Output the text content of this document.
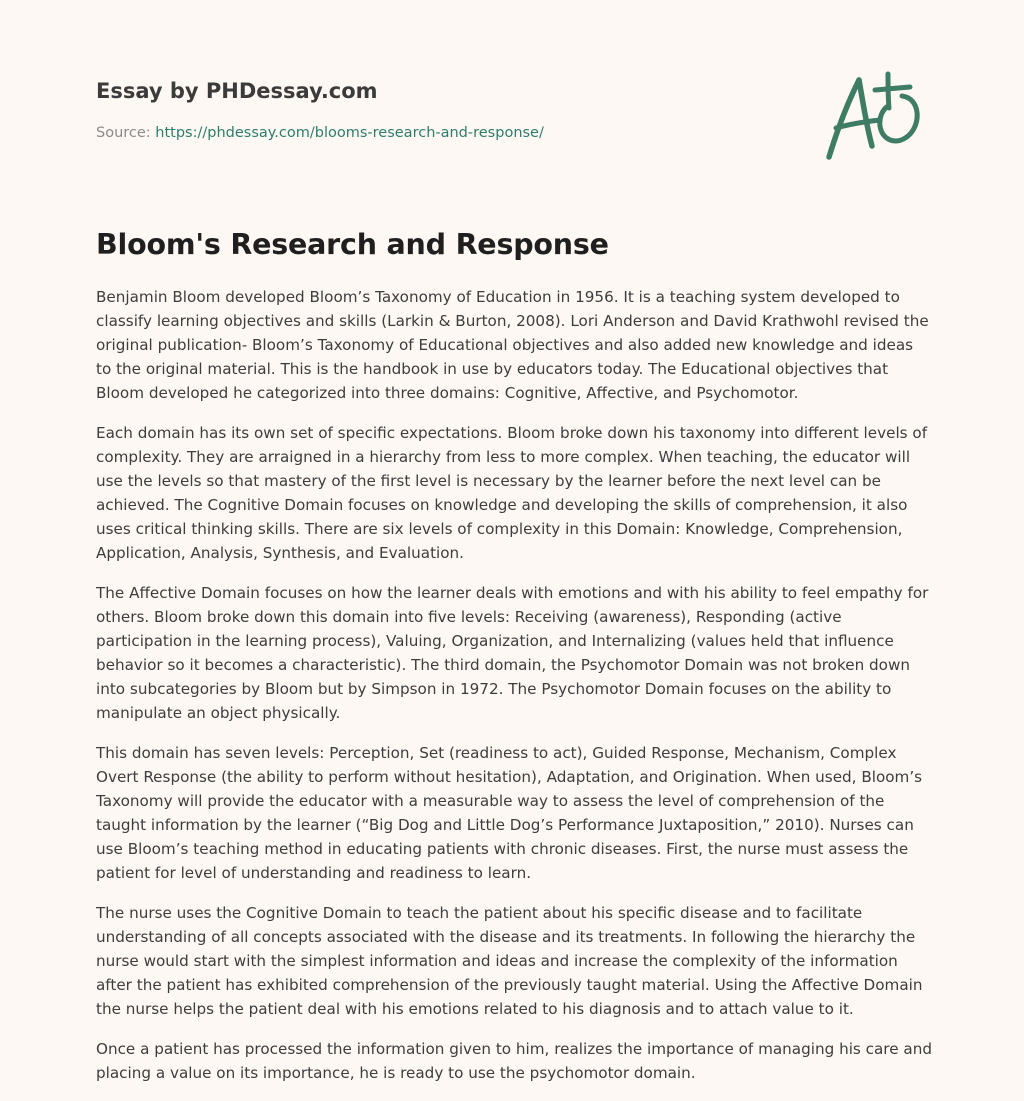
Essay by PHDessay.com
Source: https://phdessay.com/blooms-research-and-response/
Bloom's Research and Response

Benjamin Bloom developed Bloom’s Taxonomy of Education in 1956. It is a teaching system developed to classify learning objectives and skills (Larkin & Burton, 2008). Lori Anderson and David Krathwohl revised the original publication- Bloom’s Taxonomy of Educational objectives and also added new knowledge and ideas to the original material. This is the handbook in use by educators today. The Educational objectives that Bloom developed he categorized into three domains: Cognitive, Affective, and Psychomotor.

Each domain has its own set of specific expectations. Bloom broke down his taxonomy into different levels of complexity. They are arraigned in a hierarchy from less to more complex. When teaching, the educator will use the levels so that mastery of the first level is necessary by the learner before the next level can be achieved. The Cognitive Domain focuses on knowledge and developing the skills of comprehension, it also uses critical thinking skills. There are six levels of complexity in this Domain: Knowledge, Comprehension, Application, Analysis, Synthesis, and Evaluation.

The Affective Domain focuses on how the learner deals with emotions and with his ability to feel empathy for others. Bloom broke down this domain into five levels: Receiving (awareness), Responding (active participation in the learning process), Valuing, Organization, and Internalizing (values held that influence behavior so it becomes a characteristic). The third domain, the Psychomotor Domain was not broken down into subcategories by Bloom but by Simpson in 1972. The Psychomotor Domain focuses on the ability to manipulate an object physically.

This domain has seven levels: Perception, Set (readiness to act), Guided Response, Mechanism, Complex Overt Response (the ability to perform without hesitation), Adaptation, and Origination. When used, Bloom’s Taxonomy will provide the educator with a measurable way to assess the level of comprehension of the taught information by the learner (“Big Dog and Little Dog’s Performance Juxtaposition,” 2010). Nurses can use Bloom’s teaching method in educating patients with chronic diseases. First, the nurse must assess the patient for level of understanding and readiness to learn.

The nurse uses the Cognitive Domain to teach the patient about his specific disease and to facilitate understanding of all concepts associated with the disease and its treatments. In following the hierarchy the nurse would start with the simplest information and ideas and increase the complexity of the information after the patient has exhibited comprehension of the previously taught material. Using the Affective Domain the nurse helps the patient deal with his emotions related to his diagnosis and to attach value to it.

Once a patient has processed the information given to him, realizes the importance of managing his care and placing a value on its importance, he is ready to use the psychomotor domain.
